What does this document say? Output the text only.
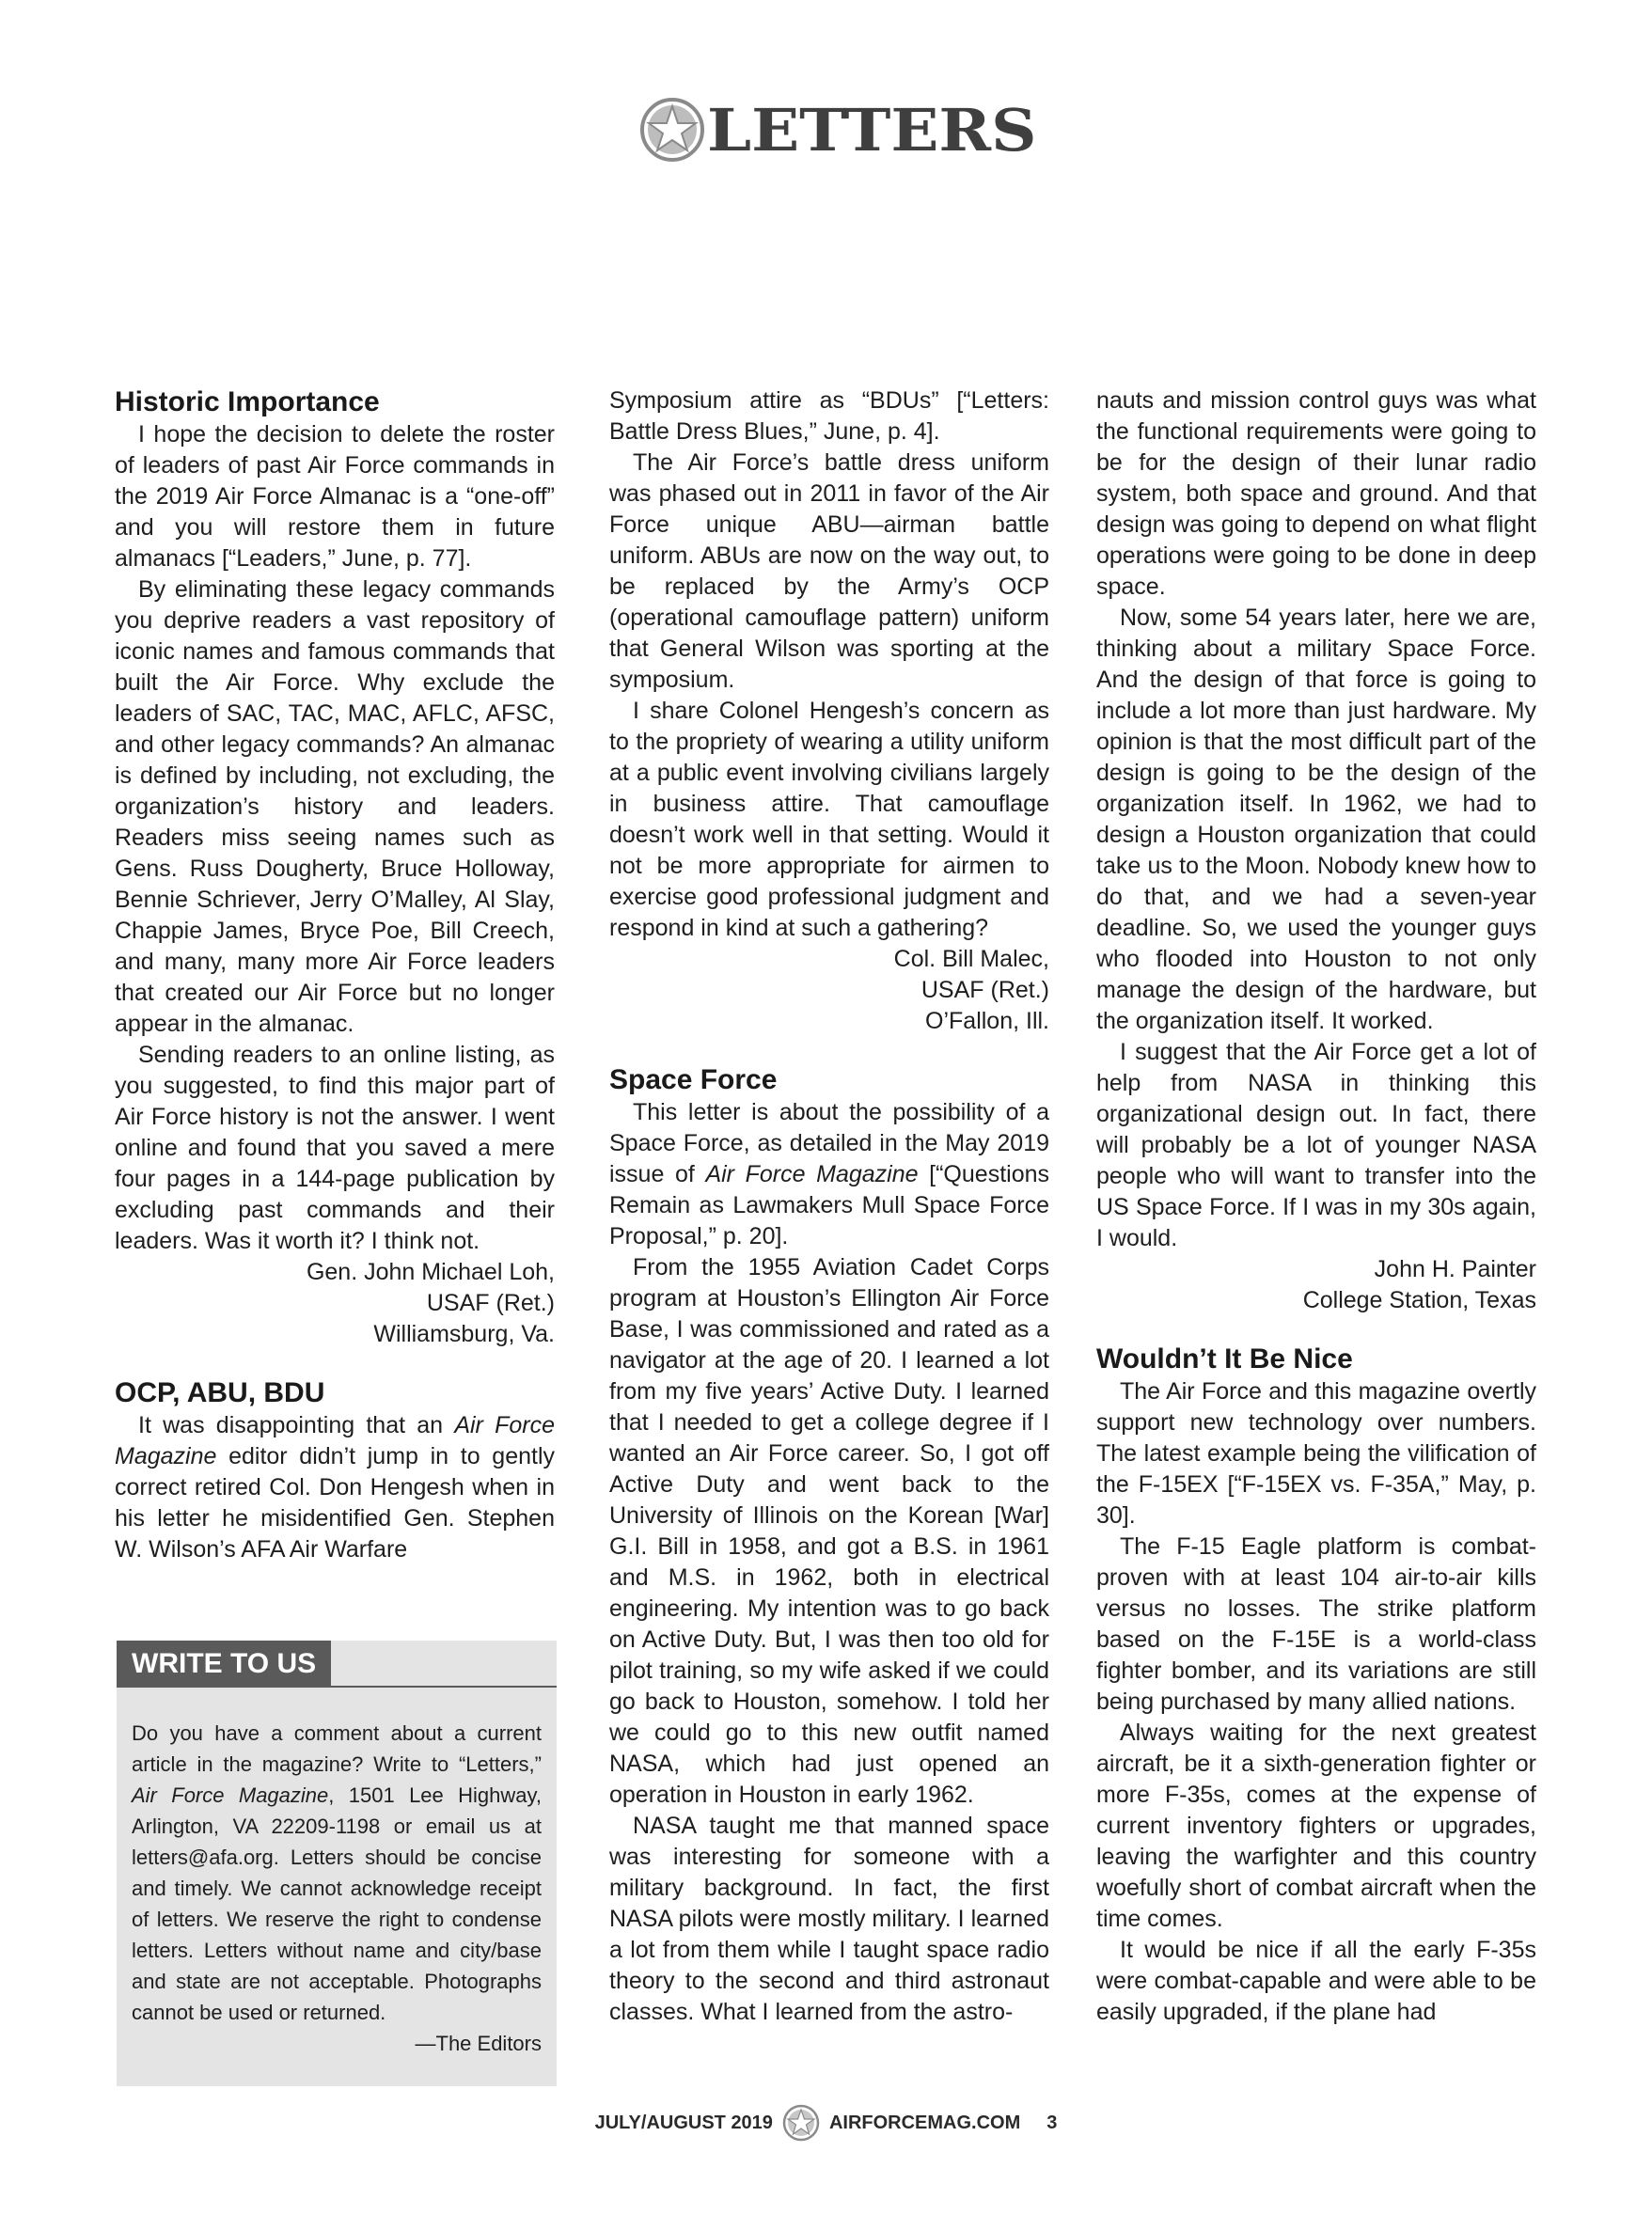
LETTERS
Historic Importance

I hope the decision to delete the roster of leaders of past Air Force commands in the 2019 Air Force Almanac is a “one-off” and you will restore them in future almanacs [“Leaders,” June, p. 77].

By eliminating these legacy commands you deprive readers a vast repository of iconic names and famous commands that built the Air Force. Why exclude the leaders of SAC, TAC, MAC, AFLC, AFSC, and other legacy commands? An almanac is defined by including, not excluding, the organization’s history and leaders. Readers miss seeing names such as Gens. Russ Dougherty, Bruce Holloway, Bennie Schriever, Jerry O’Malley, Al Slay, Chappie James, Bryce Poe, Bill Creech, and many, many more Air Force leaders that created our Air Force but no longer appear in the almanac.

Sending readers to an online listing, as you suggested, to find this major part of Air Force history is not the answer. I went online and found that you saved a mere four pages in a 144-page publication by excluding past commands and their leaders. Was it worth it? I think not.

Gen. John Michael Loh,
USAF (Ret.)
Williamsburg, Va.
OCP, ABU, BDU

It was disappointing that an Air Force Magazine editor didn’t jump in to gently correct retired Col. Don Hengesh when in his letter he misidentified Gen. Stephen W. Wilson’s AFA Air Warfare

WRITE TO US

Do you have a comment about a current article in the magazine? Write to “Letters,” Air Force Magazine, 1501 Lee Highway, Arlington, VA 22209-1198 or email us at letters@afa.org. Letters should be concise and timely. We cannot acknowledge receipt of letters. We reserve the right to condense letters. Letters without name and city/base and state are not acceptable. Photographs cannot be used or returned.

—The Editors

Symposium attire as “BDUs” [“Letters: Battle Dress Blues,” June, p. 4].

The Air Force’s battle dress uniform was phased out in 2011 in favor of the Air Force unique ABU—airman battle uniform. ABUs are now on the way out, to be replaced by the Army’s OCP (operational camouflage pattern) uniform that General Wilson was sporting at the symposium.

I share Colonel Hengesh’s concern as to the propriety of wearing a utility uniform at a public event involving civilians largely in business attire. That camouflage doesn’t work well in that setting. Would it not be more appropriate for airmen to exercise good professional judgment and respond in kind at such a gathering?

Col. Bill Malec,
USAF (Ret.)
O’Fallon, Ill.
Space Force

This letter is about the possibility of a Space Force, as detailed in the May 2019 issue of Air Force Magazine [“Questions Remain as Lawmakers Mull Space Force Proposal,” p. 20].

From the 1955 Aviation Cadet Corps program at Houston’s Ellington Air Force Base, I was commissioned and rated as a navigator at the age of 20. I learned a lot from my five years’ Active Duty. I learned that I needed to get a college degree if I wanted an Air Force career. So, I got off Active Duty and went back to the University of Illinois on the Korean [War] G.I. Bill in 1958, and got a B.S. in 1961 and M.S. in 1962, both in electrical engineering. My intention was to go back on Active Duty. But, I was then too old for pilot training, so my wife asked if we could go back to Houston, somehow. I told her we could go to this new outfit named NASA, which had just opened an operation in Houston in early 1962.

NASA taught me that manned space was interesting for someone with a military background. In fact, the first NASA pilots were mostly military. I learned a lot from them while I taught space radio theory to the second and third astronaut classes. What I learned from the astro-

nauts and mission control guys was what the functional requirements were going to be for the design of their lunar radio system, both space and ground. And that design was going to depend on what flight operations were going to be done in deep space.

Now, some 54 years later, here we are, thinking about a military Space Force. And the design of that force is going to include a lot more than just hardware. My opinion is that the most difficult part of the design is going to be the design of the organization itself. In 1962, we had to design a Houston organization that could take us to the Moon. Nobody knew how to do that, and we had a seven-year deadline. So, we used the younger guys who flooded into Houston to not only manage the design of the hardware, but the organization itself. It worked.

I suggest that the Air Force get a lot of help from NASA in thinking this organizational design out. In fact, there will probably be a lot of younger NASA people who will want to transfer into the US Space Force. If I was in my 30s again, I would.

John H. Painter
College Station, Texas
Wouldn’t It Be Nice

The Air Force and this magazine overtly support new technology over numbers. The latest example being the vilification of the F-15EX [“F-15EX vs. F-35A,” May, p. 30].

The F-15 Eagle platform is combat-proven with at least 104 air-to-air kills versus no losses. The strike platform based on the F-15E is a world-class fighter bomber, and its variations are still being purchased by many allied nations.

Always waiting for the next greatest aircraft, be it a sixth-generation fighter or more F-35s, comes at the expense of current inventory fighters or upgrades, leaving the warfighter and this country woefully short of combat aircraft when the time comes.

It would be nice if all the early F-35s were combat-capable and were able to be easily upgraded, if the plane had

JULY/AUGUST 2019	AIRFORCEMAG.COM 3
